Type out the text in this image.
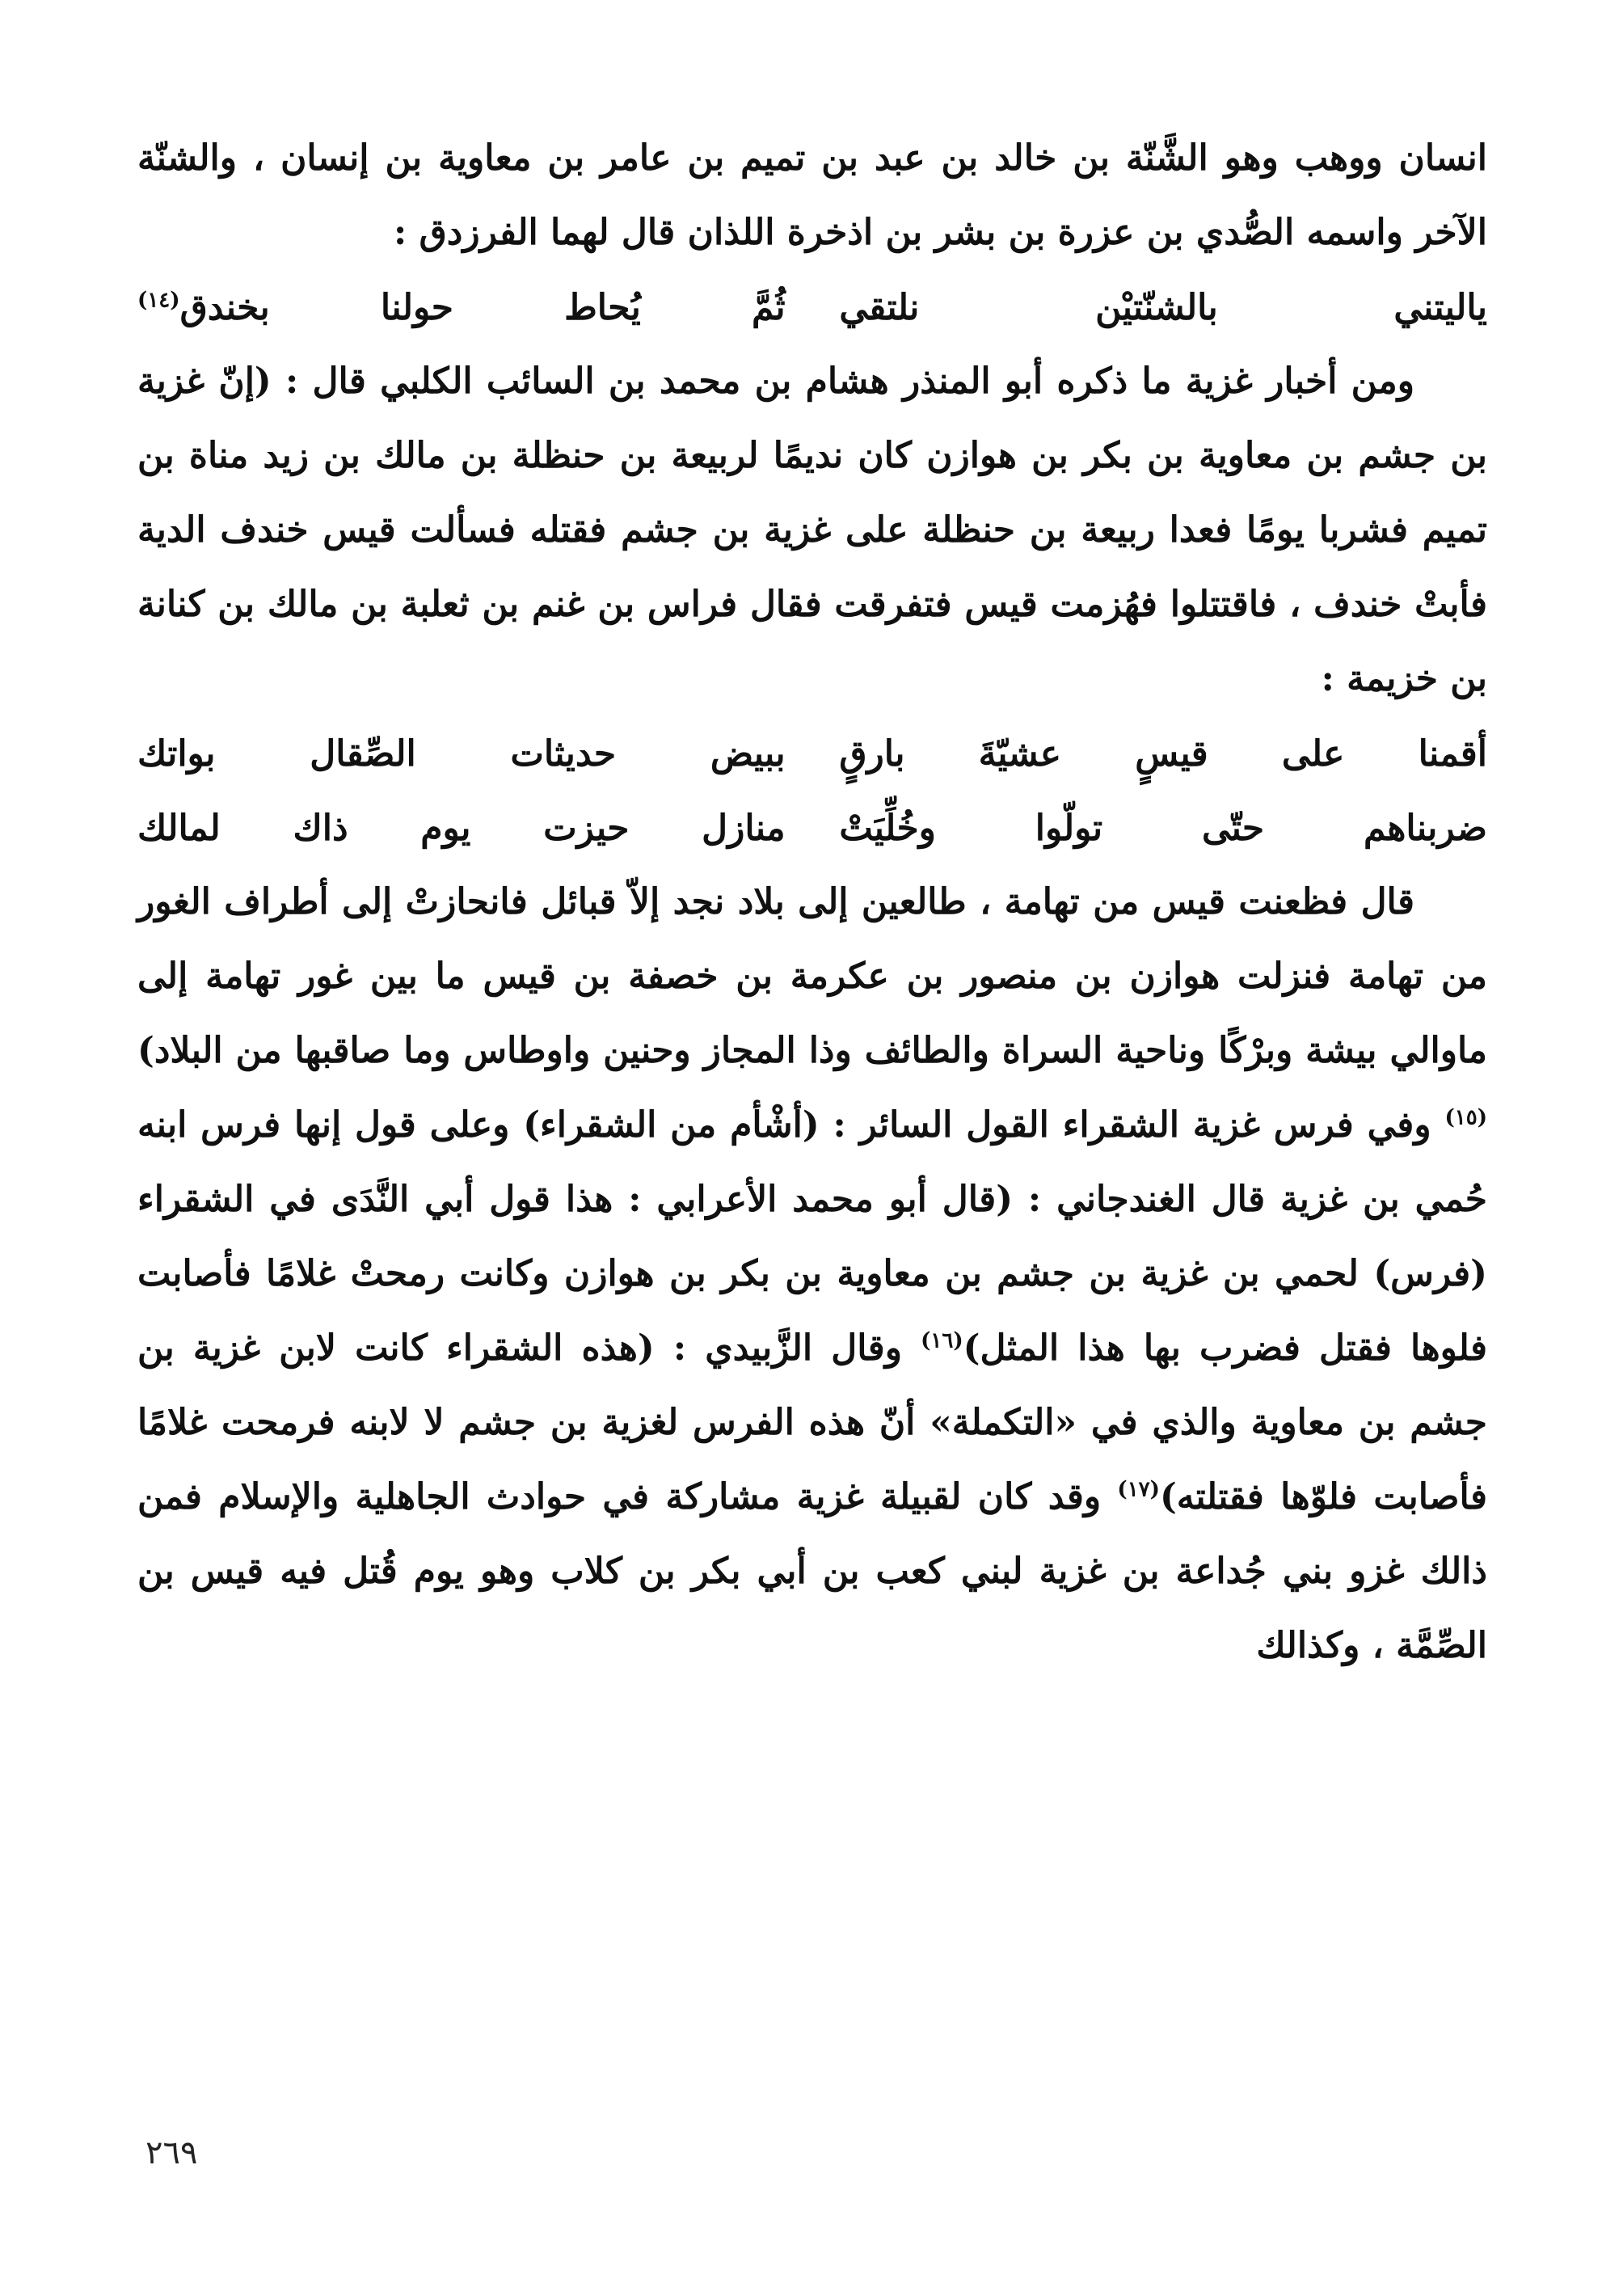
انسان ووهب وهو الشَّنّة بن خالد بن عبد بن تميم بن عامر بن معاوية بن إنسان ، والشنّة الآخر واسمه الصُّدي بن عزرة بن بشر بن اذخرة اللذان قال لهما الفرزدق :

ياليتني بالشنّتيْن نلتقي
ثُمَّ يُحاط حولنا بخندق$^{(١٤)}$

ومن أخبار غزية ما ذكره أبو المنذر هشام بن محمد بن السائب الكلبي قال : (إنّ غزية بن جشم بن معاوية بن بكر بن هوازن كان نديمًا لربيعة بن حنظلة بن مالك بن زيد مناة بن تميم فشربا يومًا فعدا ربيعة بن حنظلة على غزية بن جشم فقتله فسألت قيس خندف الدية فأبتْ خندف ، فاقتتلوا فهُزمت قيس فتفرقت فقال فراس بن غنم بن ثعلبة بن مالك بن كنانة بن خزيمة :

أقمنا على قيسٍ عشيّةَ بارقٍ
ببيض حديثات الصِّقال بواتك
ضربناهم حتّى تولّوا وخُلِّيَتْ
منازل حيزت يوم ذاك لمالك

قال فظعنت قيس من تهامة ، طالعين إلى بلاد نجد إلاّ قبائل فانحازتْ إلى أطراف الغور من تهامة فنزلت هوازن بن منصور بن عكرمة بن خصفة بن قيس ما بين غور تهامة إلى ماوالي بيشة وبرْكًا وناحية السراة والطائف وذا المجاز وحنين واوطاس وما صاقبها من البلاد)$^{(١٥)}$ وفي فرس غزية الشقراء القول السائر : (أشْأم من الشقراء) وعلى قول إنها فرس ابنه حُمي بن غزية قال الغندجاني : (قال أبو محمد الأعرابي : هذا قول أبي النَّدَى في الشقراء (فرس) لحمي بن غزية بن جشم بن معاوية بن بكر بن هوازن وكانت رمحتْ غلامًا فأصابت فلوها فقتل فضرب بها هذا المثل)$^{(١٦)}$ وقال الزَّبيدي : (هذه الشقراء كانت لابن غزية بن جشم بن معاوية والذي في «التكملة» أنّ هذه الفرس لغزية بن جشم لا لابنه فرمحت غلامًا فأصابت فلوّها فقتلته)$^{(١٧)}$ وقد كان لقبيلة غزية مشاركة في حوادث الجاهلية والإسلام فمن ذالك غزو بني جُداعة بن غزية لبني كعب بن أبي بكر بن كلاب وهو يوم قُتل فيه قيس بن الصِّمَّة ، وكذالك

٢٦٩
